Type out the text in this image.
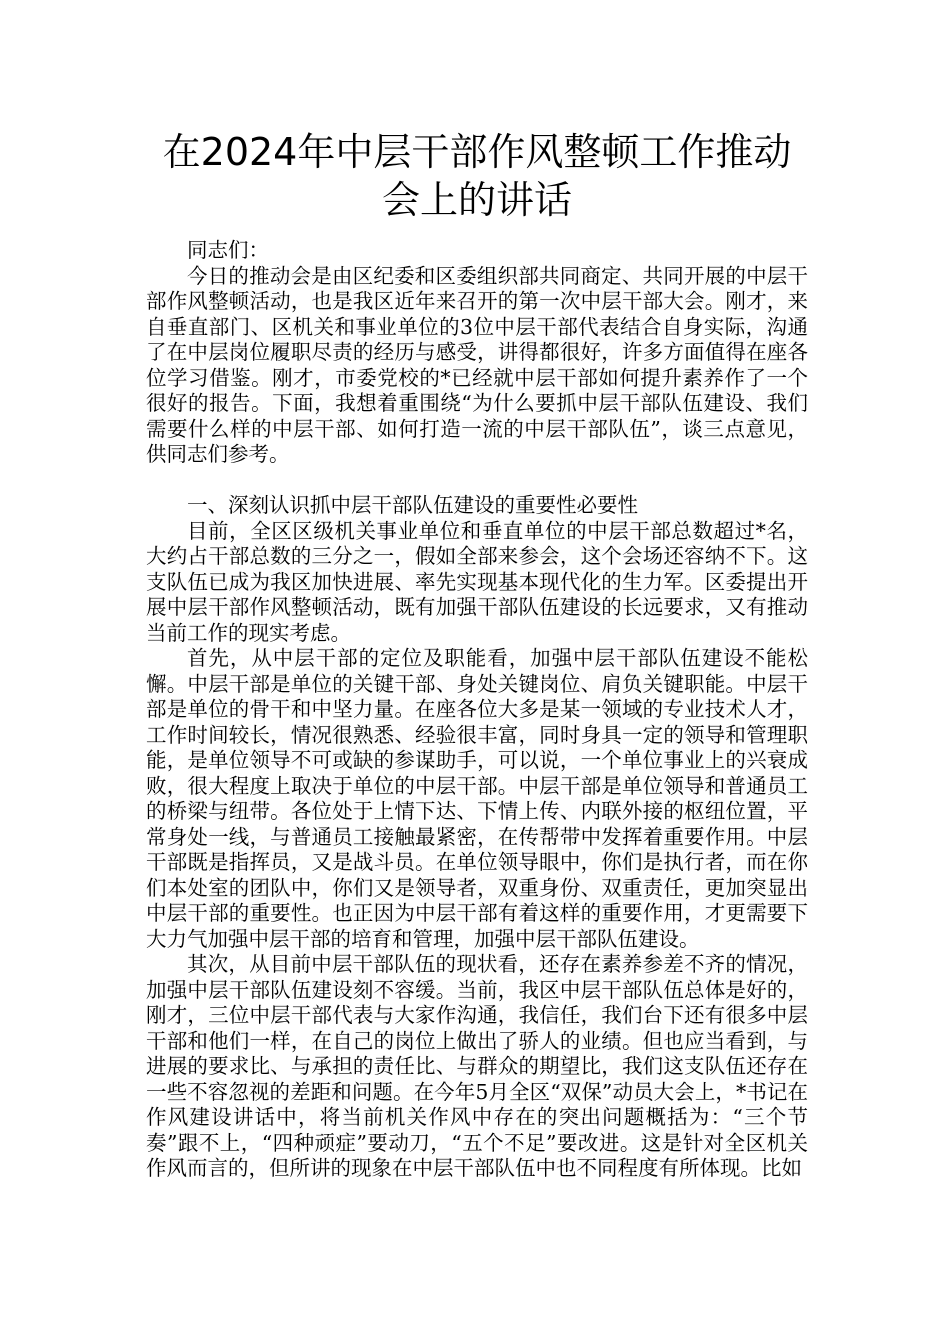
在2024年中层干部作风整顿工作推动
会上的讲话

同志们：

今日的推动会是由区纪委和区委组织部共同商定、共同开展的中层干部作风整顿活动，也是我区近年来召开的第一次中层干部大会。刚才，来自垂直部门、区机关和事业单位的3位中层干部代表结合自身实际，沟通了在中层岗位履职尽责的经历与感受，讲得都很好，许多方面值得在座各位学习借鉴。刚才，市委党校的*已经就中层干部如何提升素养作了一个很好的报告。下面，我想着重围绕“为什么要抓中层干部队伍建设、我们需要什么样的中层干部、如何打造一流的中层干部队伍”，谈三点意见，供同志们参考。

一、深刻认识抓中层干部队伍建设的重要性必要性

目前，全区区级机关事业单位和垂直单位的中层干部总数超过*名，大约占干部总数的三分之一，假如全部来参会，这个会场还容纳不下。这支队伍已成为我区加快进展、率先实现基本现代化的生力军。区委提出开展中层干部作风整顿活动，既有加强干部队伍建设的长远要求，又有推动当前工作的现实考虑。

首先，从中层干部的定位及职能看，加强中层干部队伍建设不能松懈。中层干部是单位的关键干部、身处关键岗位、肩负关键职能。中层干部是单位的骨干和中坚力量。在座各位大多是某一领域的专业技术人才，工作时间较长，情况很熟悉、经验很丰富，同时身具一定的领导和管理职能，是单位领导不可或缺的参谋助手，可以说，一个单位事业上的兴衰成败，很大程度上取决于单位的中层干部。中层干部是单位领导和普通员工的桥梁与纽带。各位处于上情下达、下情上传、内联外接的枢纽位置，平常身处一线，与普通员工接触最紧密，在传帮带中发挥着重要作用。中层干部既是指挥员，又是战斗员。在单位领导眼中，你们是执行者，而在你们本处室的团队中，你们又是领导者，双重身份、双重责任，更加突显出中层干部的重要性。也正因为中层干部有着这样的重要作用，才更需要下大力气加强中层干部的培育和管理，加强中层干部队伍建设。

其次，从目前中层干部队伍的现状看，还存在素养参差不齐的情况，加强中层干部队伍建设刻不容缓。当前，我区中层干部队伍总体是好的，刚才，三位中层干部代表与大家作沟通，我信任，我们台下还有很多中层干部和他们一样，在自己的岗位上做出了骄人的业绩。但也应当看到，与进展的要求比、与承担的责任比、与群众的期望比，我们这支队伍还存在一些不容忽视的差距和问题。在今年5月全区“双保”动员大会上，*书记在作风建设讲话中，将当前机关作风中存在的突出问题概括为：“三个节奏”跟不上，“四种顽症”要动刀，“五个不足”要改进。这是针对全区机关作风而言的，但所讲的现象在中层干部队伍中也不同程度有所体现。比如
